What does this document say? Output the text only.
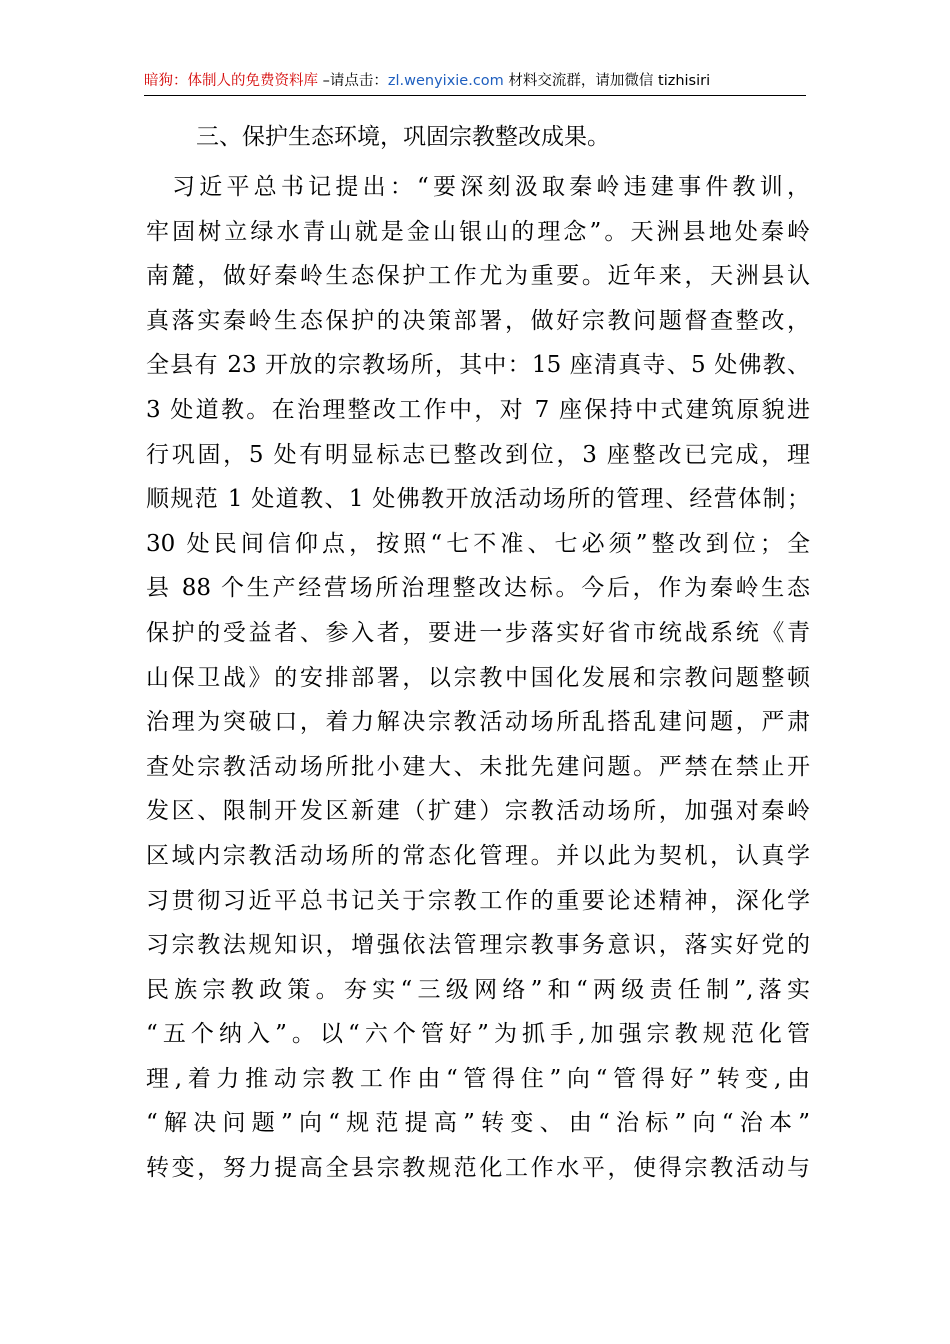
暗狗：体制人的免费资料库 –请点击：zl.wenyixie.com 材料交流群，请加微信 tizhisiri
三、保护生态环境，巩固宗教整改成果。
习近平总书记提出：“要深刻汲取秦岭违建事件教训，
牢固树立绿水青山就是金山银山的理念”。天洲县地处秦岭
南麓，做好秦岭生态保护工作尤为重要。近年来，天洲县认
真落实秦岭生态保护的决策部署，做好宗教问题督查整改，
全县有 23 开放的宗教场所，其中：15 座清真寺、5 处佛教、
3 处道教。在治理整改工作中，对 7 座保持中式建筑原貌进
行巩固，5 处有明显标志已整改到位，3 座整改已完成，理
顺规范 1 处道教、1 处佛教开放活动场所的管理、经营体制；
30 处民间信仰点，按照“七不准、七必须”整改到位；全
县 88 个生产经营场所治理整改达标。今后，作为秦岭生态
保护的受益者、参入者，要进一步落实好省市统战系统《青
山保卫战》的安排部署，以宗教中国化发展和宗教问题整顿
治理为突破口，着力解决宗教活动场所乱搭乱建问题，严肃
查处宗教活动场所批小建大、未批先建问题。严禁在禁止开
发区、限制开发区新建（扩建）宗教活动场所，加强对秦岭
区域内宗教活动场所的常态化管理。并以此为契机，认真学
习贯彻习近平总书记关于宗教工作的重要论述精神，深化学
习宗教法规知识，增强依法管理宗教事务意识，落实好党的
民族宗教政策。夯实“三级网络”和“两级责任制”,落实
“五个纳入”。以“六个管好”为抓手,加强宗教规范化管
理,着力推动宗教工作由“管得住”向“管得好”转变,由
“解决问题”向“规范提高”转变、由“治标”向“治本”
转变，努力提高全县宗教规范化工作水平，使得宗教活动与
